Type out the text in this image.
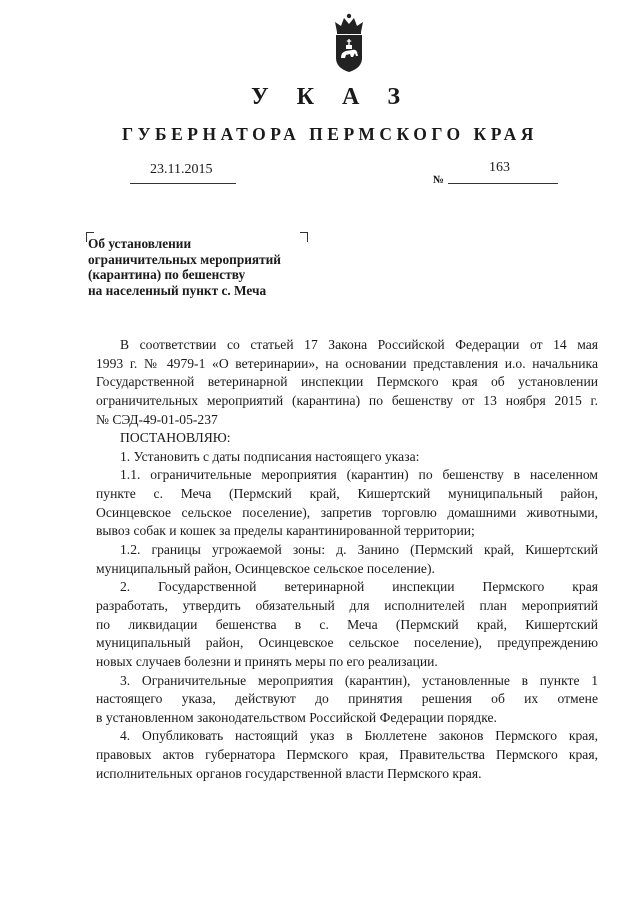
У К А З
ГУБЕРНАТОРА ПЕРМСКОГО КРАЯ
23.11.2015
№
163
Об установлении
ограничительных мероприятий
(карантина) по бешенству
на населенный пункт с. Меча
В соответствии со статьей 17 Закона Российской Федерации от 14 мая
1993 г. № 4979-1 «О ветеринарии», на основании представления и.о. начальника
Государственной ветеринарной инспекции Пермского края об установлении
ограничительных мероприятий (карантина) по бешенству от 13 ноября 2015 г.
№ СЭД-49-01-05-237
ПОСТАНОВЛЯЮ:
1. Установить с даты подписания настоящего указа:
1.1. ограничительные мероприятия (карантин) по бешенству в населенном
пункте с. Меча (Пермский край, Кишертский муниципальный район,
Осинцевское сельское поселение), запретив торговлю домашними животными,
вывоз собак и кошек за пределы карантинированной территории;
1.2. границы угрожаемой зоны: д. Занино (Пермский край, Кишертский
муниципальный район, Осинцевское сельское поселение).
2. Государственной ветеринарной инспекции Пермского края
разработать, утвердить обязательный для исполнителей план мероприятий
по ликвидации бешенства в с. Меча (Пермский край, Кишертский
муниципальный район, Осинцевское сельское поселение), предупреждению
новых случаев болезни и принять меры по его реализации.
3. Ограничительные мероприятия (карантин), установленные в пункте 1
настоящего указа, действуют до принятия решения об их отмене
в установленном законодательством Российской Федерации порядке.
4. Опубликовать настоящий указ в Бюллетене законов Пермского края,
правовых актов губернатора Пермского края, Правительства Пермского края,
исполнительных органов государственной власти Пермского края.
